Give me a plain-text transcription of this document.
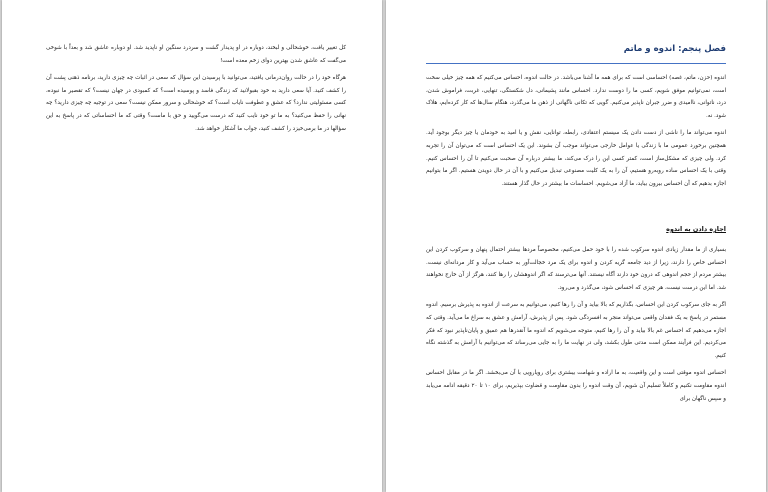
کل تغییر یافت، خوشحالی و لبخند، دوباره در او پدیدار گشت و سردرد سنگین او ناپدید شد. او دوباره عاشق شد و بعداً با شوخی می‌گفت که عاشق شدن بهترین دوای زخم معده است!

هرگاه خود را در حالت روان‌درمانی یافتید، می‌توانید با پرسیدن این سؤال که سعی در اثبات چه چیزی دارید، برنامه ذهنی پشت آن را کشف کنید. آیا سعی دارید به خود بقبولانید که زندگی فاسد و پوسیده است؟ که کمبودی در جهان نیست؟ که تقصیر ما نبوده، کسی مسئولیتی ندارد؟ که عشق و عطوفت نایاب است؟ که خوشحالی و سرور ممکن نیست؟ سعی در توجیه چه چیزی دارید؟ چه نهانی را حفظ می‌کنید؟ به ما تو خود نایب کنید که درست می‌گویید و حق با ماست؟ وقتی که ما احساساتی که در پاسخ به این سؤالها در ما برمی‌خیزد را کشف کنید، جواب ما آشکار خواهد شد.

فصل پنجم: اندوه و ماتم

اندوه (حزن، ماتم، غصه) احساسی است که برای همه ما آشنا می‌باشد. در حالت اندوه، احساس می‌کنیم که همه چیز خیلی سخت است، نمی‌توانیم موفق شویم، کسی ما را دوست ندارد. احساس مانند پشیمانی، دل شکستگی، تنهایی، غربت، فراموش شدن، درد، ناتوانی، ناامیدی و ضرر جبران ناپذیر می‌کنیم. گویی که تکانی ناگهانی از ذهن ما می‌گذرد، هنگام سال‌ها که کار کرده‌ایم، هلاک شود. نه.

اندوه می‌تواند ما را ناشی از دست دادن یک سیستم اعتقادی، رابطه، توانایی، نقش و یا امید به خودمان یا چیز دیگر بوجود آید. همچنین برخورد عمومی ما با زندگی یا عوامل خارجی می‌تواند موجب آن بشوند. این یک احساس است که می‌توان آن را تجربه کرد. ولی چیزی که مشکل‌ساز است، کمتر کسی این را درک می‌کند، ما بیشتر درباره آن صحبت می‌کنیم تا آن را احساس کنیم. وقتی با یک احساس ساده روبه‌رو هستیم، آن را به یک کلیت مصنوعی تبدیل می‌کنیم و با آن در حال دویدن هستیم. اگر ما بتوانیم اجازه بدهیم که آن احساس بیرون بیاید، ما آزاد می‌شویم. احساسات ما بیشتر در حال گذار هستند.

اجازه دادن به اندوه

بسیاری از ما مقدار زیادی اندوه سرکوب شده را با خود حمل می‌کنیم، مخصوصاً مردها بیشتر احتمال پنهان و سرکوب کردن این احساس خاص را دارند، زیرا از دید جامعه گریه کردن و اندوه برای یک مرد خجالت‌آور به حساب می‌آید و کار مردانه‌ای نیست. بیشتر مردم از حجم اندوهی که درون خود دارند آگاه نیستند. آنها می‌ترسند که اگر اندوهشان را رها کنند، هرگز از آن خارج نخواهند شد. اما این درست نیست، هر چیزی که احساس شود، می‌گذرد و می‌رود.

اگر به جای سرکوب کردن این احساس، بگذاریم که بالا بیاید و آن را رها کنیم، می‌توانیم به سرعت از اندوه به پذیرش برسیم. اندوه مستمر در پاسخ به یک فقدان واقعی می‌تواند منجر به افسردگی شود. پس از پذیرش، آرامش و عشق به سراغ ما می‌آید. وقتی که اجازه می‌دهیم که احساس غم بالا بیاید و آن را رها کنیم، متوجه می‌شویم که اندوه ما آنقدرها هم عمیق و پایان‌ناپذیر نبود که فکر می‌کردیم. این فرآیند ممکن است مدتی طول بکشد، ولی در نهایت ما را به جایی می‌رساند که می‌توانیم با آرامش به گذشته نگاه کنیم.

احساس اندوه موقتی است و این واقعیت، به ما اراده و شهامت بیشتری برای رویارویی با آن می‌بخشد. اگر ما در مقابل احساس اندوه مقاومت نکنیم و کاملاً تسلیم آن شویم، آن وقت اندوه را بدون مقاومت و قضاوت بپذیریم، برای ۱۰ تا ۲۰ دقیقه ادامه می‌یابد و سپس ناگهان برای
